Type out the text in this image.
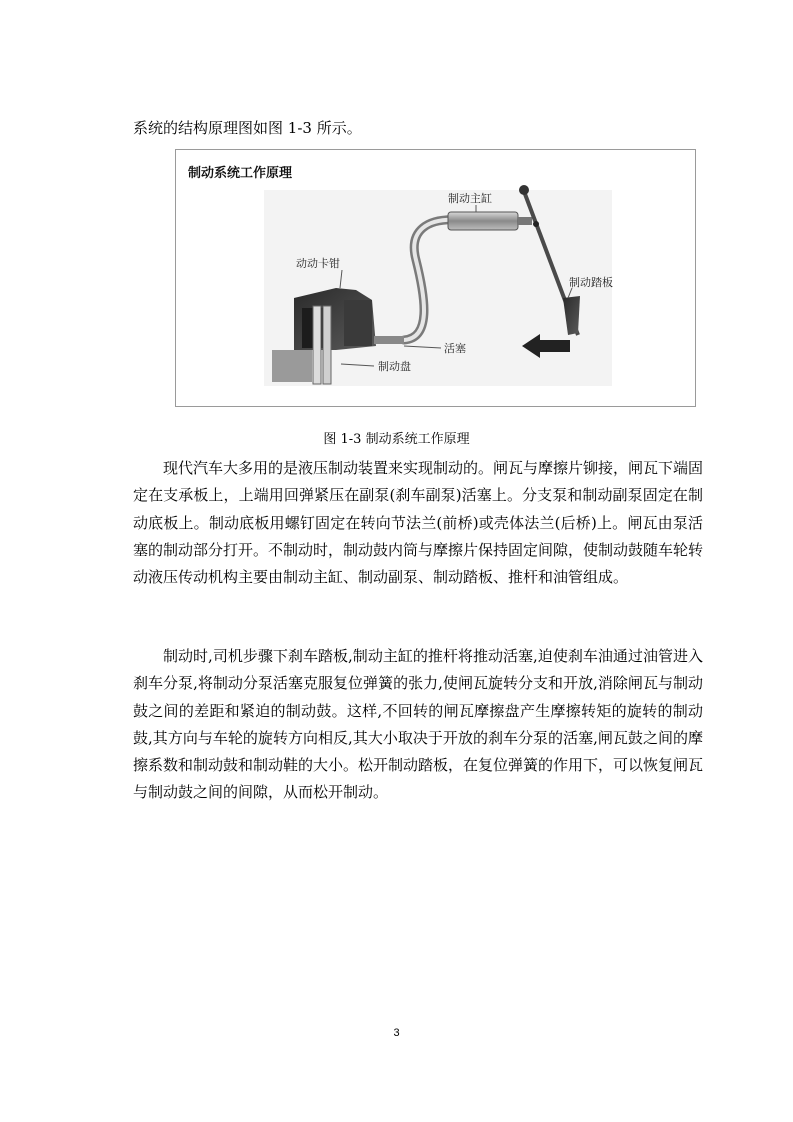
系统的结构原理图如图 1-3 所示。
制动系统工作原理
制动主缸
动动卡钳
制动踏板
活塞
制动盘
图 1-3 制动系统工作原理

现代汽车大多用的是液压制动装置来实现制动的。闸瓦与摩擦片铆接，闸瓦下端固定在支承板上，上端用回弹紧压在副泵(刹车副泵)活塞上。分支泵和制动副泵固定在制动底板上。制动底板用螺钉固定在转向节法兰(前桥)或壳体法兰(后桥)上。闸瓦由泵活塞的制动部分打开。不制动时，制动鼓内筒与摩擦片保持固定间隙，使制动鼓随车轮转动液压传动机构主要由制动主缸、制动副泵、制动踏板、推杆和油管组成。

制动时,司机步骤下刹车踏板,制动主缸的推杆将推动活塞,迫使刹车油通过油管进入刹车分泵,将制动分泵活塞克服复位弹簧的张力,使闸瓦旋转分支和开放,消除闸瓦与制动鼓之间的差距和紧迫的制动鼓。这样,不回转的闸瓦摩擦盘产生摩擦转矩的旋转的制动鼓,其方向与车轮的旋转方向相反,其大小取决于开放的刹车分泵的活塞,闸瓦鼓之间的摩擦系数和制动鼓和制动鞋的大小。松开制动踏板，在复位弹簧的作用下，可以恢复闸瓦与制动鼓之间的间隙，从而松开制动。

3
